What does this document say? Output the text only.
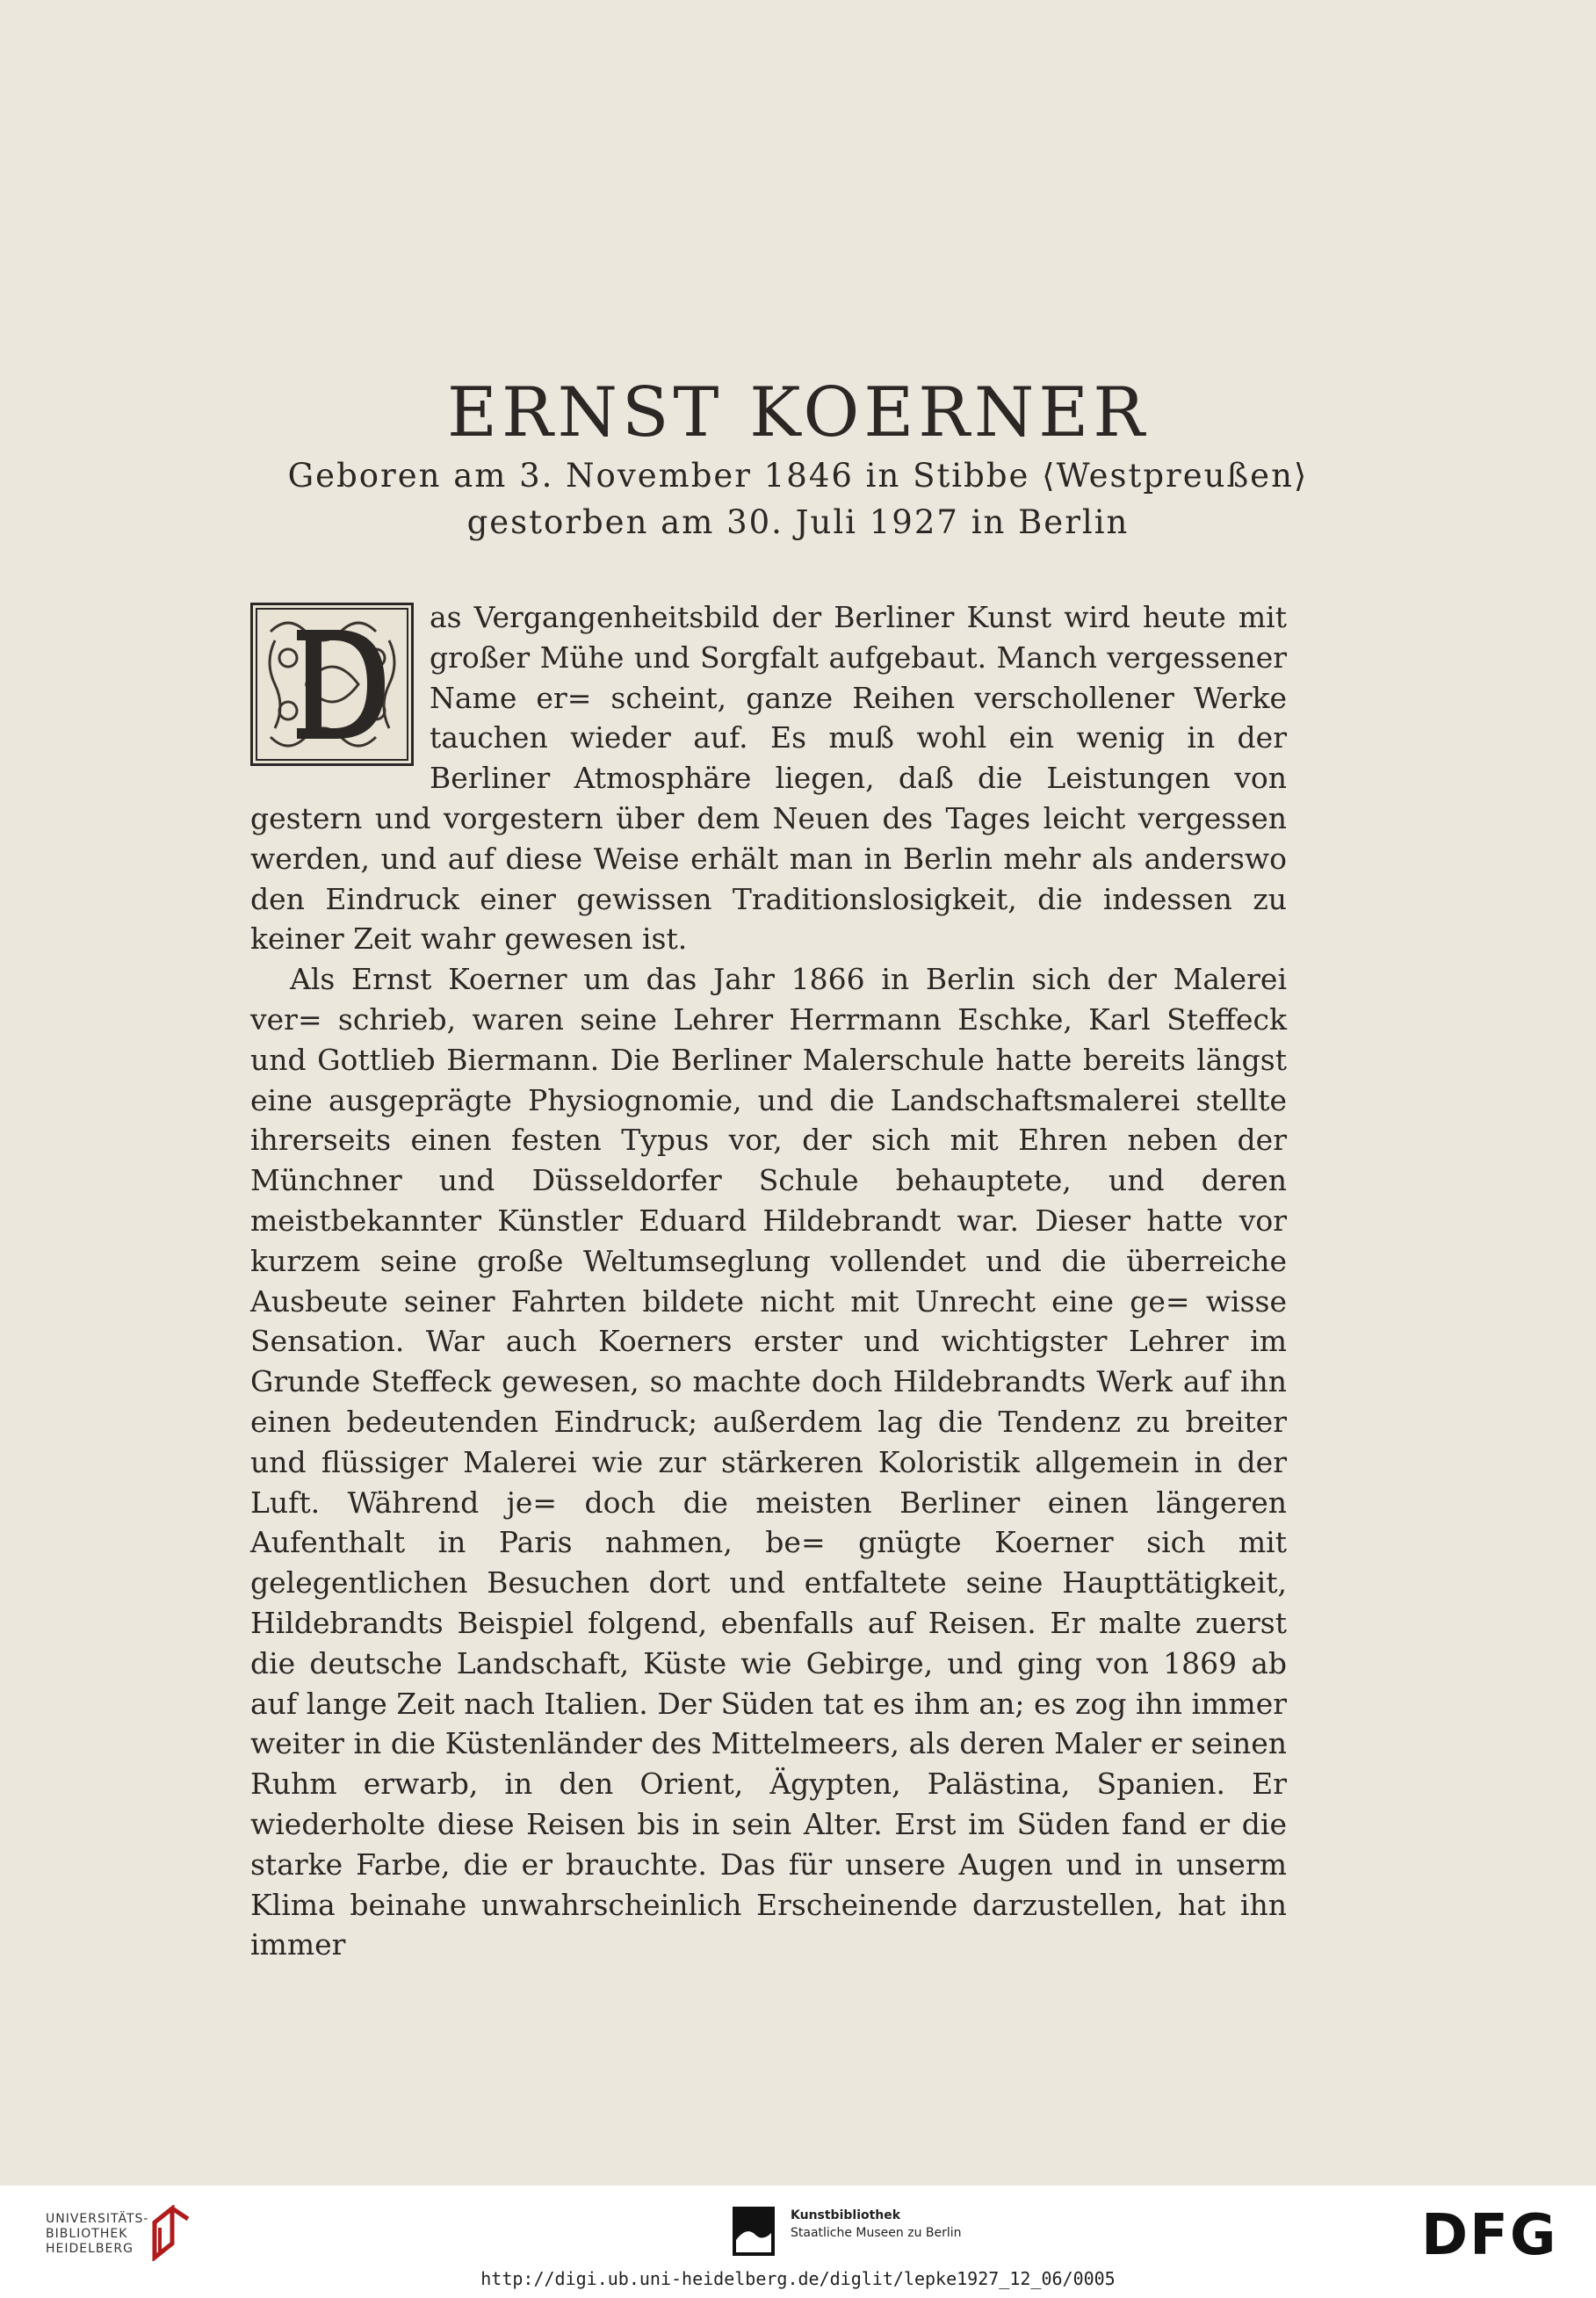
ERNST KOERNER

Geboren am 3. November 1846 in Stibbe ⟨Westpreußen⟩

gestorben am 30. Juli 1927 in Berlin

as Vergangenheitsbild der Berliner Kunst wird heute mit großer Mühe und Sorgfalt aufgebaut. Manch vergessener Name er= scheint, ganze Reihen verschollener Werke tauchen wieder auf. Es muß wohl ein wenig in der Berliner Atmosphäre liegen, daß die Leistungen von gestern und vorgestern über dem Neuen des Tages leicht vergessen werden, und auf diese Weise erhält man in Berlin mehr als anderswo den Eindruck einer gewissen Traditionslosigkeit, die indessen zu keiner Zeit wahr gewesen ist.

Als Ernst Koerner um das Jahr 1866 in Berlin sich der Malerei ver= schrieb, waren seine Lehrer Herrmann Eschke, Karl Steffeck und Gottlieb Biermann. Die Berliner Malerschule hatte bereits längst eine ausgeprägte Physiognomie, und die Landschaftsmalerei stellte ihrerseits einen festen Typus vor, der sich mit Ehren neben der Münchner und Düsseldorfer Schule behauptete, und deren meistbekannter Künstler Eduard Hildebrandt war. Dieser hatte vor kurzem seine große Weltumseglung vollendet und die überreiche Ausbeute seiner Fahrten bildete nicht mit Unrecht eine ge= wisse Sensation. War auch Koerners erster und wichtigster Lehrer im Grunde Steffeck gewesen, so machte doch Hildebrandts Werk auf ihn einen bedeutenden Eindruck; außerdem lag die Tendenz zu breiter und flüssiger Malerei wie zur stärkeren Koloristik allgemein in der Luft. Während je= doch die meisten Berliner einen längeren Aufenthalt in Paris nahmen, be= gnügte Koerner sich mit gelegentlichen Besuchen dort und entfaltete seine Haupttätigkeit, Hildebrandts Beispiel folgend, ebenfalls auf Reisen. Er malte zuerst die deutsche Landschaft, Küste wie Gebirge, und ging von 1869 ab auf lange Zeit nach Italien. Der Süden tat es ihm an; es zog ihn immer weiter in die Küstenländer des Mittelmeers, als deren Maler er seinen Ruhm erwarb, in den Orient, Ägypten, Palästina, Spanien. Er wiederholte diese Reisen bis in sein Alter. Erst im Süden fand er die starke Farbe, die er brauchte. Das für unsere Augen und in unserm Klima beinahe unwahrscheinlich Erscheinende darzustellen, hat ihn immer

UNIVERSITÄTS-
BIBLIOTHEK
HEIDELBERG
Kunstbibliothek
Staatliche Museen zu Berlin	DFG
http://digi.ub.uni-heidelberg.de/diglit/lepke1927_12_06/0005
